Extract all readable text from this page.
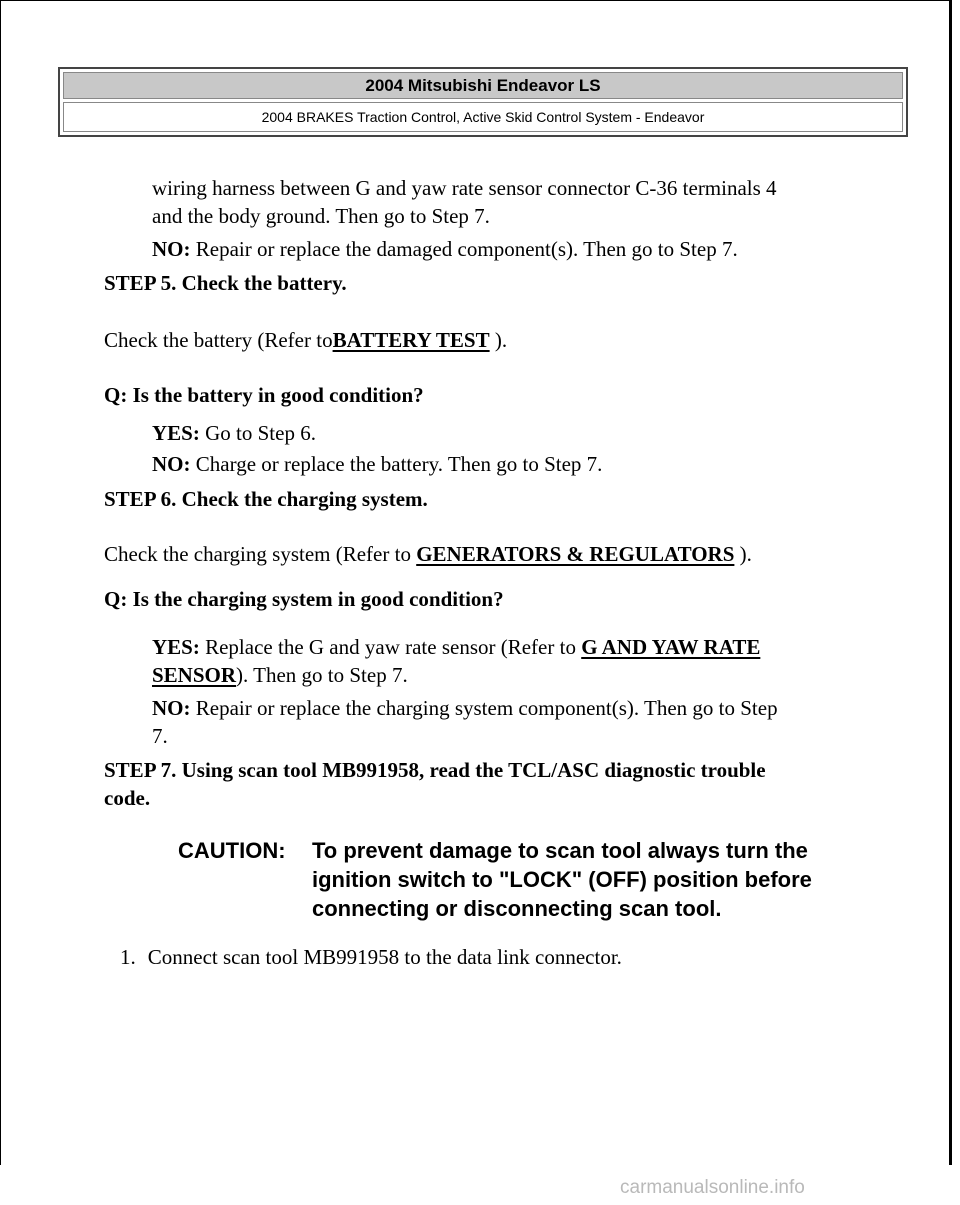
2004 Mitsubishi Endeavor LS
2004 BRAKES Traction Control, Active Skid Control System - Endeavor

wiring harness between G and yaw rate sensor connector C-36 terminals 4

and the body ground. Then go to Step 7.

NO: Repair or replace the damaged component(s). Then go to Step 7.

STEP 5. Check the battery.

Check the battery (Refer toBATTERY TEST ).

Q: Is the battery in good condition?

YES: Go to Step 6.

NO: Charge or replace the battery. Then go to Step 7.

STEP 6. Check the charging system.

Check the charging system (Refer to GENERATORS & REGULATORS ).

Q: Is the charging system in good condition?

YES: Replace the G and yaw rate sensor (Refer to G AND YAW RATE

SENSOR). Then go to Step 7.

NO: Repair or replace the charging system component(s). Then go to Step

7.

STEP 7. Using scan tool MB991958, read the TCL/ASC diagnostic trouble

code.

CAUTION: To prevent damage to scan tool always turn the
ignition switch to "LOCK" (OFF) position before
connecting or disconnecting scan tool.

1. Connect scan tool MB991958 to the data link connector.

carmanualsonline.info
